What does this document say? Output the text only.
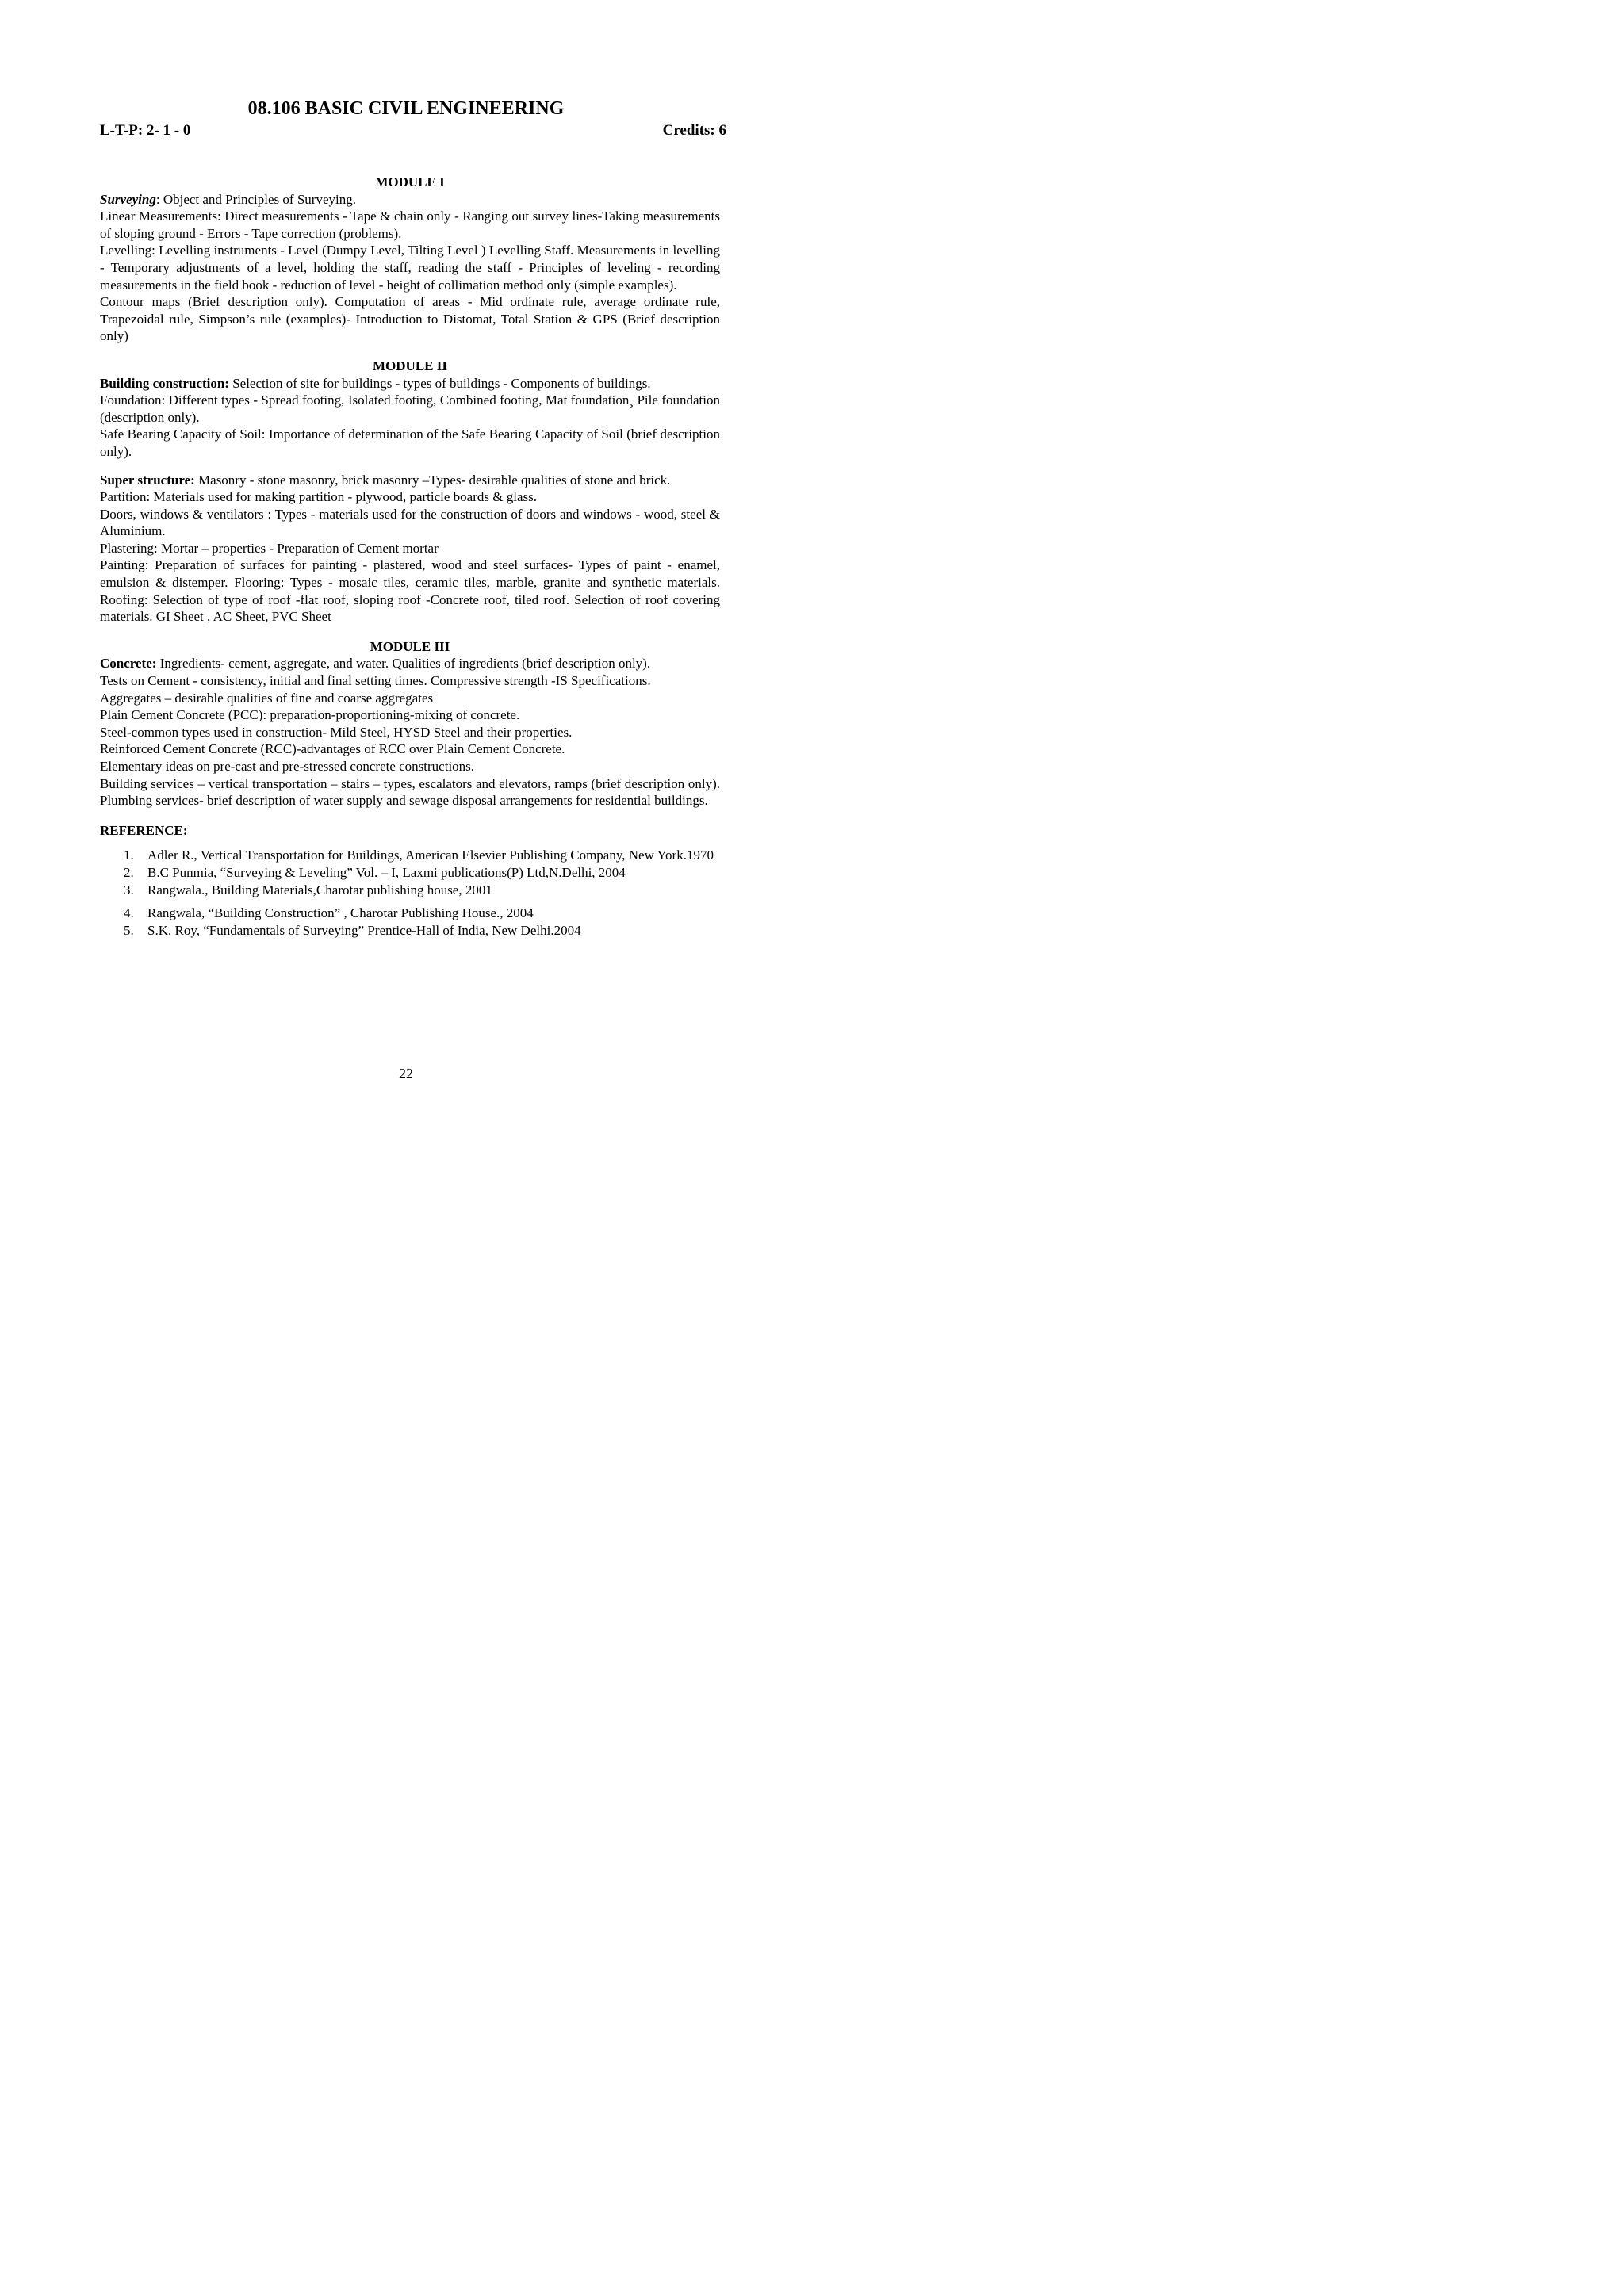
08.106 BASIC CIVIL ENGINEERING
L-T-P: 2- 1 - 0	Credits: 6

MODULE I

Surveying: Object and Principles of Surveying.

Linear Measurements: Direct measurements - Tape & chain only - Ranging out survey lines-Taking measurements of sloping ground - Errors - Tape correction (problems).

Levelling: Levelling instruments - Level (Dumpy Level, Tilting Level ) Levelling Staff. Measurements in levelling - Temporary adjustments of a level, holding the staff, reading the staff - Principles of leveling - recording measurements in the field book - reduction of level - height of collimation method only (simple examples).

Contour maps (Brief description only). Computation of areas - Mid ordinate rule, average ordinate rule, Trapezoidal rule, Simpson’s rule (examples)- Introduction to Distomat, Total Station & GPS (Brief description only)

MODULE II

Building construction: Selection of site for buildings - types of buildings - Components of buildings.

Foundation: Different types - Spread footing, Isolated footing, Combined footing, Mat foundation¸ Pile foundation (description only).

Safe Bearing Capacity of Soil: Importance of determination of the Safe Bearing Capacity of Soil (brief description only).

Super structure: Masonry - stone masonry, brick masonry –Types- desirable qualities of stone and brick.

Partition: Materials used for making partition - plywood, particle boards & glass.

Doors, windows & ventilators : Types - materials used for the construction of doors and windows - wood, steel & Aluminium.

Plastering: Mortar – properties - Preparation of Cement mortar

Painting: Preparation of surfaces for painting - plastered, wood and steel surfaces- Types of paint - enamel, emulsion & distemper. Flooring: Types - mosaic tiles, ceramic tiles, marble, granite and synthetic materials. Roofing: Selection of type of roof -flat roof, sloping roof -Concrete roof, tiled roof. Selection of roof covering materials. GI Sheet , AC Sheet, PVC Sheet

MODULE III

Concrete: Ingredients- cement, aggregate, and water. Qualities of ingredients (brief description only).

Tests on Cement - consistency, initial and final setting times. Compressive strength -IS Specifications.

Aggregates – desirable qualities of fine and coarse aggregates

Plain Cement Concrete (PCC): preparation-proportioning-mixing of concrete.

Steel-common types used in construction- Mild Steel, HYSD Steel and their properties.

Reinforced Cement Concrete (RCC)-advantages of RCC over Plain Cement Concrete.

Elementary ideas on pre-cast and pre-stressed concrete constructions.

Building services – vertical transportation – stairs – types, escalators and elevators, ramps (brief description only). Plumbing services- brief description of water supply and sewage disposal arrangements for residential buildings.

REFERENCE:

1. Adler R., Vertical Transportation for Buildings, American Elsevier Publishing Company, New York.1970
2. B.C Punmia, “Surveying & Leveling” Vol. – I, Laxmi publications(P) Ltd,N.Delhi, 2004
3. Rangwala., Building Materials,Charotar publishing house, 2001
4. Rangwala, “Building Construction” , Charotar Publishing House., 2004
5. S.K. Roy, “Fundamentals of Surveying” Prentice-Hall of India, New Delhi.2004
22
